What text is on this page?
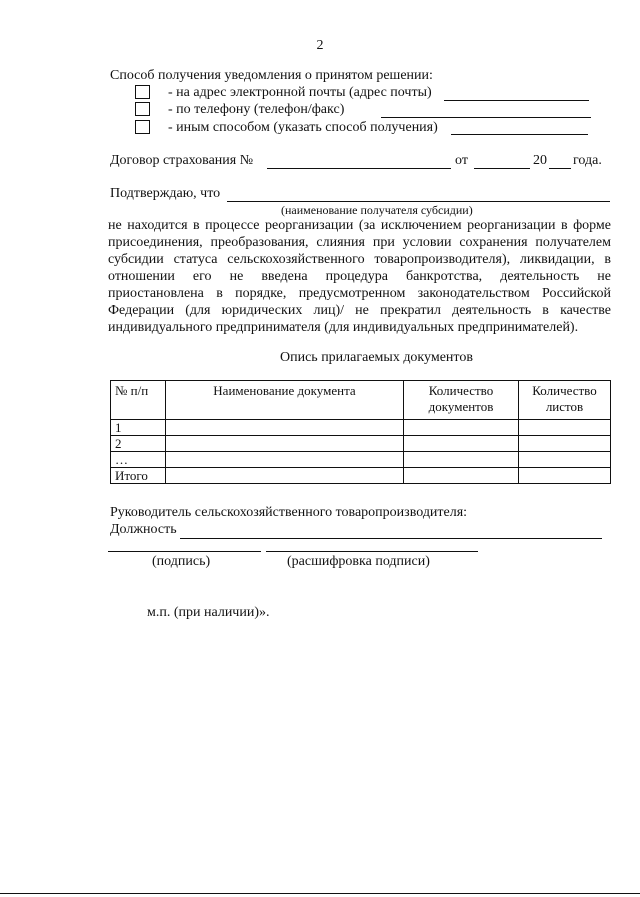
2
Способ получения уведомления о принятом решении:
- на адрес электронной почты (адрес почты)
- по телефону (телефон/факс)
- иным способом (указать способ получения)
Договор страхования №	от	20 года.
Подтверждаю, что
(наименование получателя субсидии)
не находится в процессе реорганизации (за исключением реорганизации в форме
присоединения, преобразования, слияния при условии сохранения получателем
субсидии статуса сельскохозяйственного товаропроизводителя), ликвидации, в
отношении его не введена процедура банкротства, деятельность не
приостановлена в порядке, предусмотренном законодательством Российской
Федерации (для юридических лиц)/ не прекратил деятельность в качестве
индивидуального предпринимателя (для индивидуальных предпринимателей).
Опись прилагаемых документов
№ п/п	Наименование документа	Количество документов	Количество листов
1			
2			
…			
Итого			
Руководитель сельскохозяйственного товаропроизводителя:
Должность
(подпись)	(расшифровка подписи)
м.п. (при наличии)».
